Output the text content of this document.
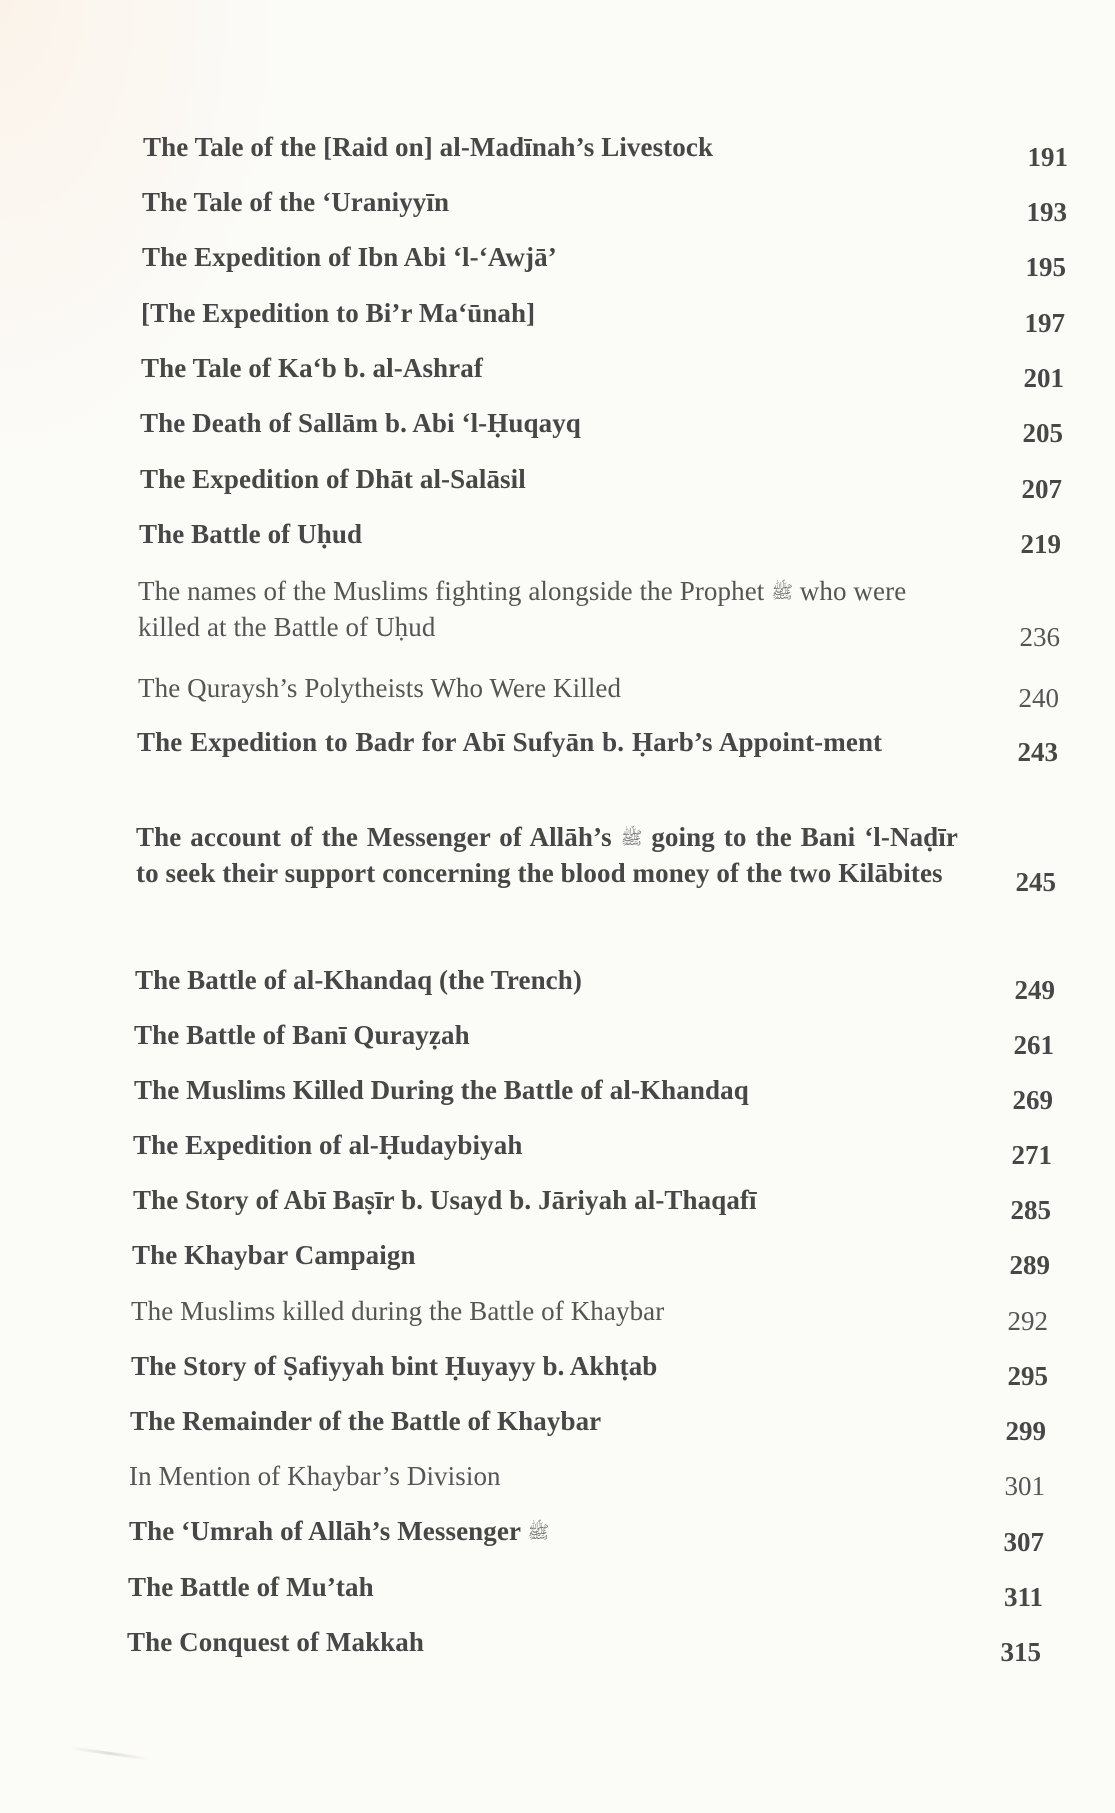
The Tale of the [Raid on] al-Madīnah’s Livestock	191
The Tale of the ‘Uraniyyīn	193
The Expedition of Ibn Abi ‘l-‘Awjā’	195
[The Expedition to Bi’r Ma‘ūnah]	197
The Tale of Ka‘b b. al-Ashraf	201
The Death of Sallām b. Abi ‘l-Ḥuqayq	205
The Expedition of Dhāt al-Salāsil	207
The Battle of Uḥud	219
The names of the Muslims fighting alongside the Prophet ﷺ who were killed at the Battle of Uḥud	236
The Quraysh’s Polytheists Who Were Killed	240
The Expedition to Badr for Abī Sufyān b. Ḥarb’s Appoint-ment	243
The account of the Messenger of Allāh’s ﷺ going to the Bani ‘l-Naḍīr to seek their support concerning the blood money of the two Kilābites	245
The Battle of al-Khandaq (the Trench)	249
The Battle of Banī Qurayẓah	261
The Muslims Killed During the Battle of al-Khandaq	269
The Expedition of al-Ḥudaybiyah	271
The Story of Abī Baṣīr b. Usayd b. Jāriyah al-Thaqafī	285
The Khaybar Campaign	289
The Muslims killed during the Battle of Khaybar	292
The Story of Ṣafiyyah bint Ḥuyayy b. Akhṭab	295
The Remainder of the Battle of Khaybar	299
In Mention of Khaybar’s Division	301
The ‘Umrah of Allāh’s Messenger ﷺ	307
The Battle of Mu’tah	311
The Conquest of Makkah	315
